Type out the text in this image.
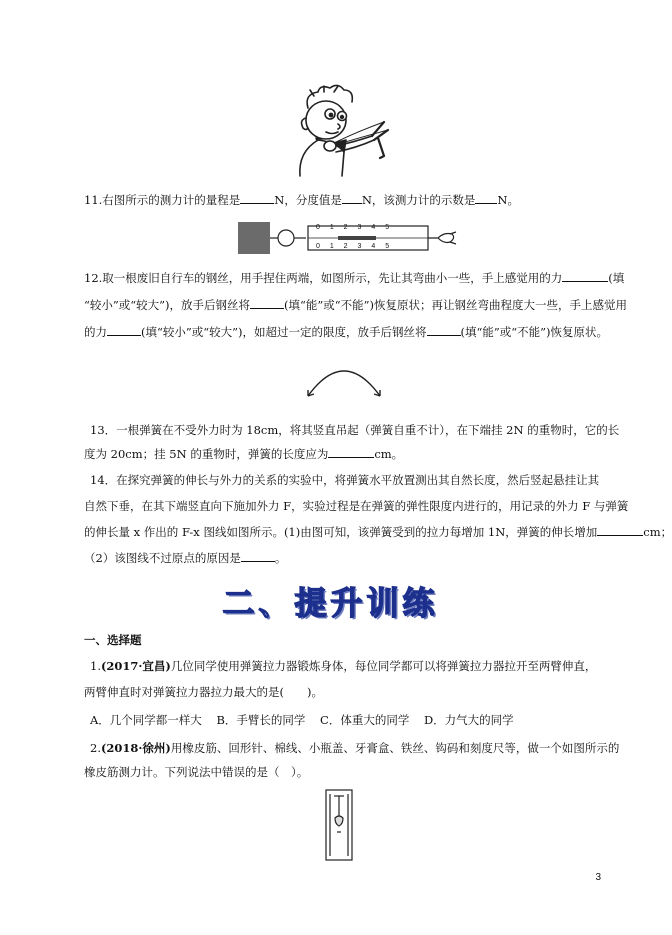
11.右图所示的测力计的量程是	N，分度值是 N，该测力计的示数是 N。
0 1 2 3 4 5
0 1 2 3 4 5
12.取一根废旧自行车的钢丝，用手捏住两端，如图所示，先让其弯曲小一些，手上感觉用的力	(填
“较小”或“较大”)，放手后钢丝将	(填“能”或“不能”)恢复原状；再让钢丝弯曲程度大一些，手上感觉用
的力	(填“较小”或“较大”)，如超过一定的限度，放手后钢丝将	(填“能”或“不能”)恢复原状。
13．一根弹簧在不受外力时为 18cm，将其竖直吊起（弹簧自重不计），在下端挂 2N 的重物时，它的长
度为 20cm；挂 5N 的重物时，弹簧的长度应为	cm。
14．在探究弹簧的伸长与外力的关系的实验中，将弹簧水平放置测出其自然长度，然后竖起悬挂让其
自然下垂，在其下端竖直向下施加外力 F，实验过程是在弹簧的弹性限度内进行的，用记录的外力 F 与弹簧
的伸长量 x 作出的 F-x 图线如图所示。(1)由图可知，该弹簧受到的拉力每增加 1N，弹簧的伸长增加	cm；
（2）该图线不过原点的原因是	。
二、提升训练
一、选择题
1.(2017·宜昌)几位同学使用弹簧拉力器锻炼身体，每位同学都可以将弹簧拉力器拉开至两臂伸直，
两臂伸直时对弹簧拉力器拉力最大的是(　　)。
A．几个同学都一样大 B．手臂长的同学 C．体重大的同学 D．力气大的同学
2.(2018·徐州)用橡皮筋、回形针、棉线、小瓶盖、牙膏盒、铁丝、钩码和刻度尺等，做一个如图所示的
橡皮筋测力计。下列说法中错误的是（　）。
3
